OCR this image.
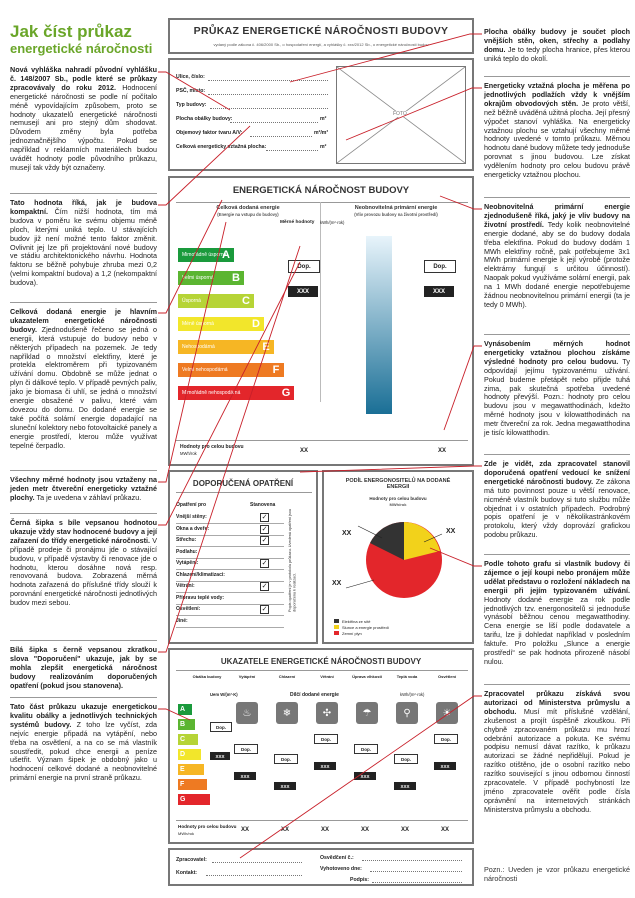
Jak číst průkaz
energetické náročnosti
Nová vyhláška nahradí původní vyhlášku č. 148/2007 Sb., podle které se průkazy zpracovávaly do roku 2012. Hodnocení energetické náročnosti se podle ní počítalo méně vypovídajícím způsobem, proto se hodnoty ukazatelů energetické náročnosti nemusejí ani pro stejný dům shodovat. Důvodem změny byla potřeba jednoznačnějšího výpočtu. Pokud se například v reklamních materiálech budou uvádět hodnoty podle původního průkazu, musejí tak vždy být označeny.
Tato hodnota říká, jak je budova kompaktní. Čím nižší hodnota, tím má budova v poměru ke svému objemu méně ploch, kterými uniká teplo. U stávajících budov již není možné tento faktor změnit. Ovlivnit jej lze při projektování nové budovy ve stádiu architektonického návrhu. Hodnota faktoru se běžně pohybuje zhruba mezi 0,2 (velmi kompaktní budova) a 1,2 (nekompaktní budova).
Celková dodaná energie je hlavním ukazatelem energetické náročnosti budovy. Zjednodušeně řečeno se jedná o energii, která vstupuje do budovy nebo v některých případech na pozemek. Je tedy například o množství elektřiny, které je protekla elektroměrem při typizovaném užívání domu. Obdobně se může jednat o plyn či dálkové teplo. V případě pevných paliv, jako je biomasa či uhlí, se jedná o množství energie obsažené v palivu, které vám dovezou do domu. Do dodané energie se také počítá solární energie dopadající na sluneční kolektory nebo fotovoltaické panely a energie prostředí, kterou může využívat tepelné čerpadlo.
Všechny měrné hodnoty jsou vztaženy na jeden metr čtvereční energeticky vztažné plochy. Ta je uvedena v záhlaví průkazu.
Černá šipka s bíle vepsanou hodnotou ukazuje vždy stav hodnocené budovy a její zařazení do třídy energetické náročnosti. V případě prodeje či pronájmu jde o stávající budovu, v případě výstavby či renovace jde o hodnotu, kterou dosáhne nová resp. renovovaná budova. Zobrazená měrná hodnota zařazená do příslušné třídy slouží k porovnání energetické náročnosti jednotlivých budov mezi sebou.
Bílá šipka s černě vepsanou zkratkou slova "Doporučení" ukazuje, jak by se mohla zlepšit energetická náročnost budovy realizováním doporučených opatření (pokud jsou stanovena).
Tato část průkazu ukazuje energetickou kvalitu obálky a jednotlivých technických systémů budovy. Z toho lze vyčíst, zda nejvíc energie připadá na vytápění, nebo třeba na osvětlení, a na co se má vlastník soustředit, pokud chce energii a peníze ušetřit. Význam šipek je obdobný jako u hodnocení celkové dodané a neobnovitelné primární energie na první straně průkazu.
Plocha obálky budovy je součet ploch vnějších stěn, oken, střechy a podlahy domu. Je to tedy plocha hranice, přes kterou uniká teplo do okolí.
Energeticky vztažná plocha je měřena po jednotlivých podlažích vždy k vnějším okrajům obvodových stěn. Je proto větší, než běžně uváděná užitná plocha. Její přesný výpočet stanoví vyhláška. Na energeticky vztažnou plochu se vztahují všechny měrné hodnoty uvedené v tomto průkazu. Měrnou hodnotu dané budovy můžete tedy jednoduše porovnat s jinou budovou. Lze získat vydělením hodnoty pro celou budovu právě energeticky vztažnou plochou.
Neobnovitelná primární energie zjednodušeně říká, jaký je vliv budovy na životní prostředí. Tedy kolik neobnovitelné energie dodané, aby se do budovy dodala třeba elektřina. Pokud do budovy dodám 1 MWh elektřiny ročně, pak potřebujeme 3x1 MWh primární energie k její výrobě (protože elektrárny fungují s určitou účinností). Naopak pokud využíváme solární energii, pak na 1 MWh dodané energie nepotřebujeme žádnou neobnovitelnou primární energii (ta je tedy 0 MWh).
Vynásobením měrných hodnot energeticky vztažnou plochou získáme výsledné hodnoty pro celou budovu. Ty odpovídají jejímu typizovanému užívání. Pokud budeme přetápět nebo přijde tuhá zima, pak skutečná spotřeba uvedené hodnoty převýší. Pozn.: hodnoty pro celou budovu jsou v megawatthodinách, kdežto měrné hodnoty jsou v kilowatthodinách na metr čtvereční za rok. Jedna megawatthodina je tisíc kilowatthodin.
Zde je vidět, zda zpracovatel stanovil doporučená opatření vedoucí ke snížení energetické náročnosti budovy. Ze zákona má tuto povinnost pouze u větší renovace, nicméně vlastník budovy si tuto službu může objednat i v ostatních případech. Podrobný popis opatření je v několikastránkovém protokolu, který vždy doprovází grafickou podobu průkazu.
Podle tohoto grafu si vlastník budovy či zájemce o její koupi nebo pronájem může udělat představu o rozložení nákladech na energii při jejím typizovaném užívání. Hodnoty dodané energie za rok podle jednotlivých tzv. energonositelů si jednoduše vynásobí běžnou cenou megawatthodiny. Cena energie se liší podle dodavatele a tarifu, lze ji dohledat například v posledním faktuře. Pro položku „Slunce a energie prostředí“ se pak hodnota přirozeně násobí nulou.
Zpracovatel průkazu získává svou autorizaci od Ministerstva průmyslu a obchodu. Musí mít příslušné vzdělání, zkušenost a projít úspěšně zkouškou. Při chybně zpracovaném průkazu mu hrozí odebrání autorizace a pokuta. Ke svému podpisu nemusí dávat razítko, k průkazu autorizaci se žádné nepřidělují. Pokud je razítko otištěno, jde o osobní razítko nebo razítko související s jinou odbornou činností zpracovatele. V případě pochybností lze jméno zpracovatele ověřit podle čísla oprávnění na internetových stránkách Ministerstva průmyslu a obchodu.
Pozn.: Uveden je vzor průkazu energetické náročnosti
PRŮKAZ ENERGETICKÉ NÁROČNOSTI BUDOVY
vydaný podle zákona č. 406/2000 Sb., o hospodaření energií, a vyhlášky č. xxx/2012 Sb., o energetické náročnosti budov
Ulice, číslo:
PSČ, místo:
Typ budovy:
Plocha obálky budovy:	m²
Objemový faktor tvaru A/V:	m²/m³
Celková energeticky vztažná plocha:	m²
FOTO
ENERGETICKÁ NÁROČNOST BUDOVY
Celková dodaná energie
(Energie na vstupu do budovy)
Neobnovitelná primární energie
(Vliv provozu budovy na životní prostředí)
Měrné hodnoty kWh/(m²·rok)
Mimořádně úsporná
A
Velmi úsporná	B
Úsporná	C
Méně úsporná	D
Nehospodárná	E
Velmi nehospodárná	F
Mimořádně nehospodárná	G
Dop.
XXX
Dop.
XXX
Hodnoty pro celou budovu
MWh/rok	XX	XX
DOPORUČENÁ OPATŘENÍ
Opatření pro	Stanovena
Vnější stěny:	✓
Okna a dveře:	✓
Střechu:	✓
Podlahu:
Vytápění:	✓
Chlazení/klimatizaci:
Větrání:	✓
Přípravu teplé vody:
Osvětlení:	✓
Jiné:
Popis opatření je v protokolu průkazu. Uvedená opatření jsou doporučena k realizaci.
PODÍL ENERGONOSITELŮ NA DODANÉ ENERGII
Hodnoty pro celou budovu
MWh/rok
XX	XX
XX
Elektřina ze sítě
Slunce a energie prostředí
Zemní plyn
UKAZATELE ENERGETICKÉ NÁROČNOSTI BUDOVY
Obálka budovy	Vytápění
♨
Dop.
XXX
Chlazení
❄
Dop.
XXX
Větrání
✣
Dop.
XXX
Úprava vlhkosti
☂
Dop.
XXX
Teplá voda
⚲
Dop.
XXX
Osvětlení
☀
Dop.
XXX
Uem W/(m²·K)	Dílčí dodané energie	kWh/(m²·rok)
A
B
C
D
E
F
G
Dop.
XXX
Hodnoty pro celou budovu
MWh/rok
XX	XX	XX	XX	XX	XX
Zpracovatel:
Kontakt:
Osvědčení č.:
Vyhotoveno dne:
Podpis:
